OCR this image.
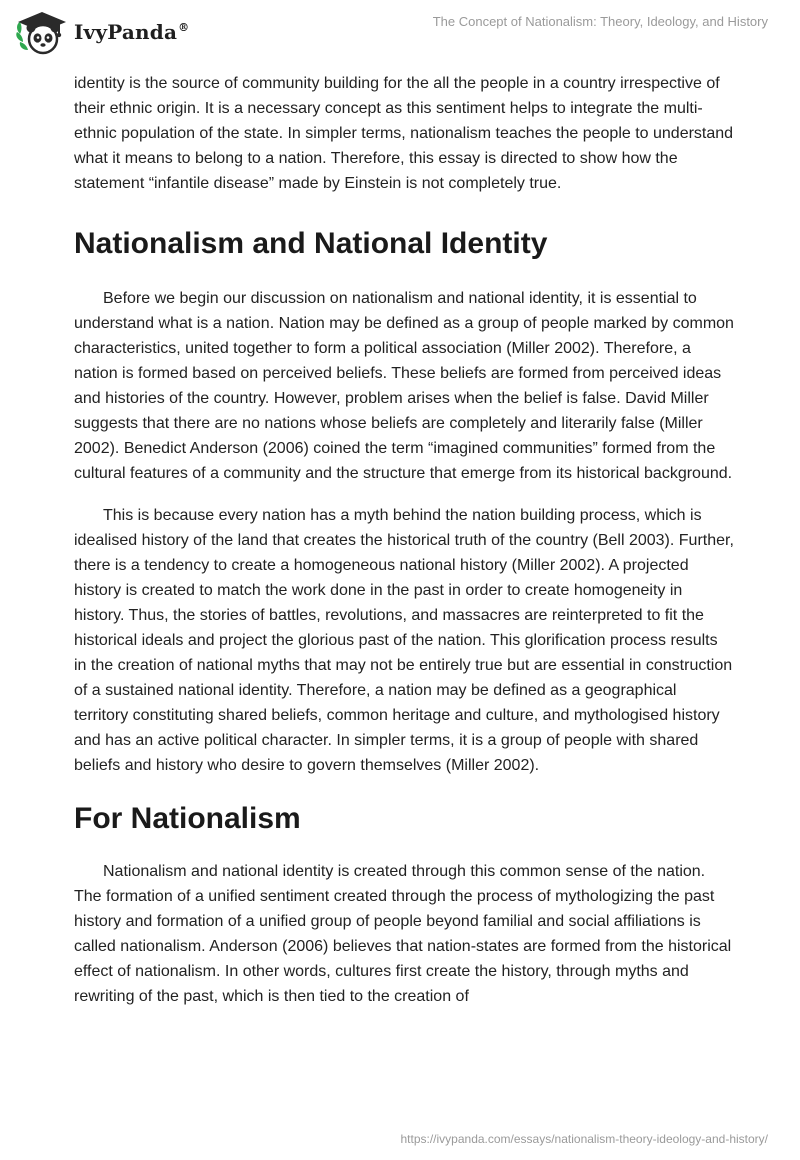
IvyPanda®	The Concept of Nationalism: Theory, Ideology, and History

identity is the source of community building for the all the people in a country irrespective of their ethnic origin. It is a necessary concept as this sentiment helps to integrate the multi-ethnic population of the state. In simpler terms, nationalism teaches the people to understand what it means to belong to a nation. Therefore, this essay is directed to show how the statement “infantile disease” made by Einstein is not completely true.

Nationalism and National Identity

Before we begin our discussion on nationalism and national identity, it is essential to understand what is a nation. Nation may be defined as a group of people marked by common characteristics, united together to form a political association (Miller 2002). Therefore, a nation is formed based on perceived beliefs. These beliefs are formed from perceived ideas and histories of the country. However, problem arises when the belief is false. David Miller suggests that there are no nations whose beliefs are completely and literarily false (Miller 2002). Benedict Anderson (2006) coined the term “imagined communities” formed from the cultural features of a community and the structure that emerge from its historical background.

This is because every nation has a myth behind the nation building process, which is idealised history of the land that creates the historical truth of the country (Bell 2003). Further, there is a tendency to create a homogeneous national history (Miller 2002). A projected history is created to match the work done in the past in order to create homogeneity in history. Thus, the stories of battles, revolutions, and massacres are reinterpreted to fit the historical ideals and project the glorious past of the nation. This glorification process results in the creation of national myths that may not be entirely true but are essential in construction of a sustained national identity. Therefore, a nation may be defined as a geographical territory constituting shared beliefs, common heritage and culture, and mythologised history and has an active political character. In simpler terms, it is a group of people with shared beliefs and history who desire to govern themselves (Miller 2002).

For Nationalism

Nationalism and national identity is created through this common sense of the nation. The formation of a unified sentiment created through the process of mythologizing the past history and formation of a unified group of people beyond familial and social affiliations is called nationalism. Anderson (2006) believes that nation-states are formed from the historical effect of nationalism. In other words, cultures first create the history, through myths and rewriting of the past, which is then tied to the creation of

https://ivypanda.com/essays/nationalism-theory-ideology-and-history/
